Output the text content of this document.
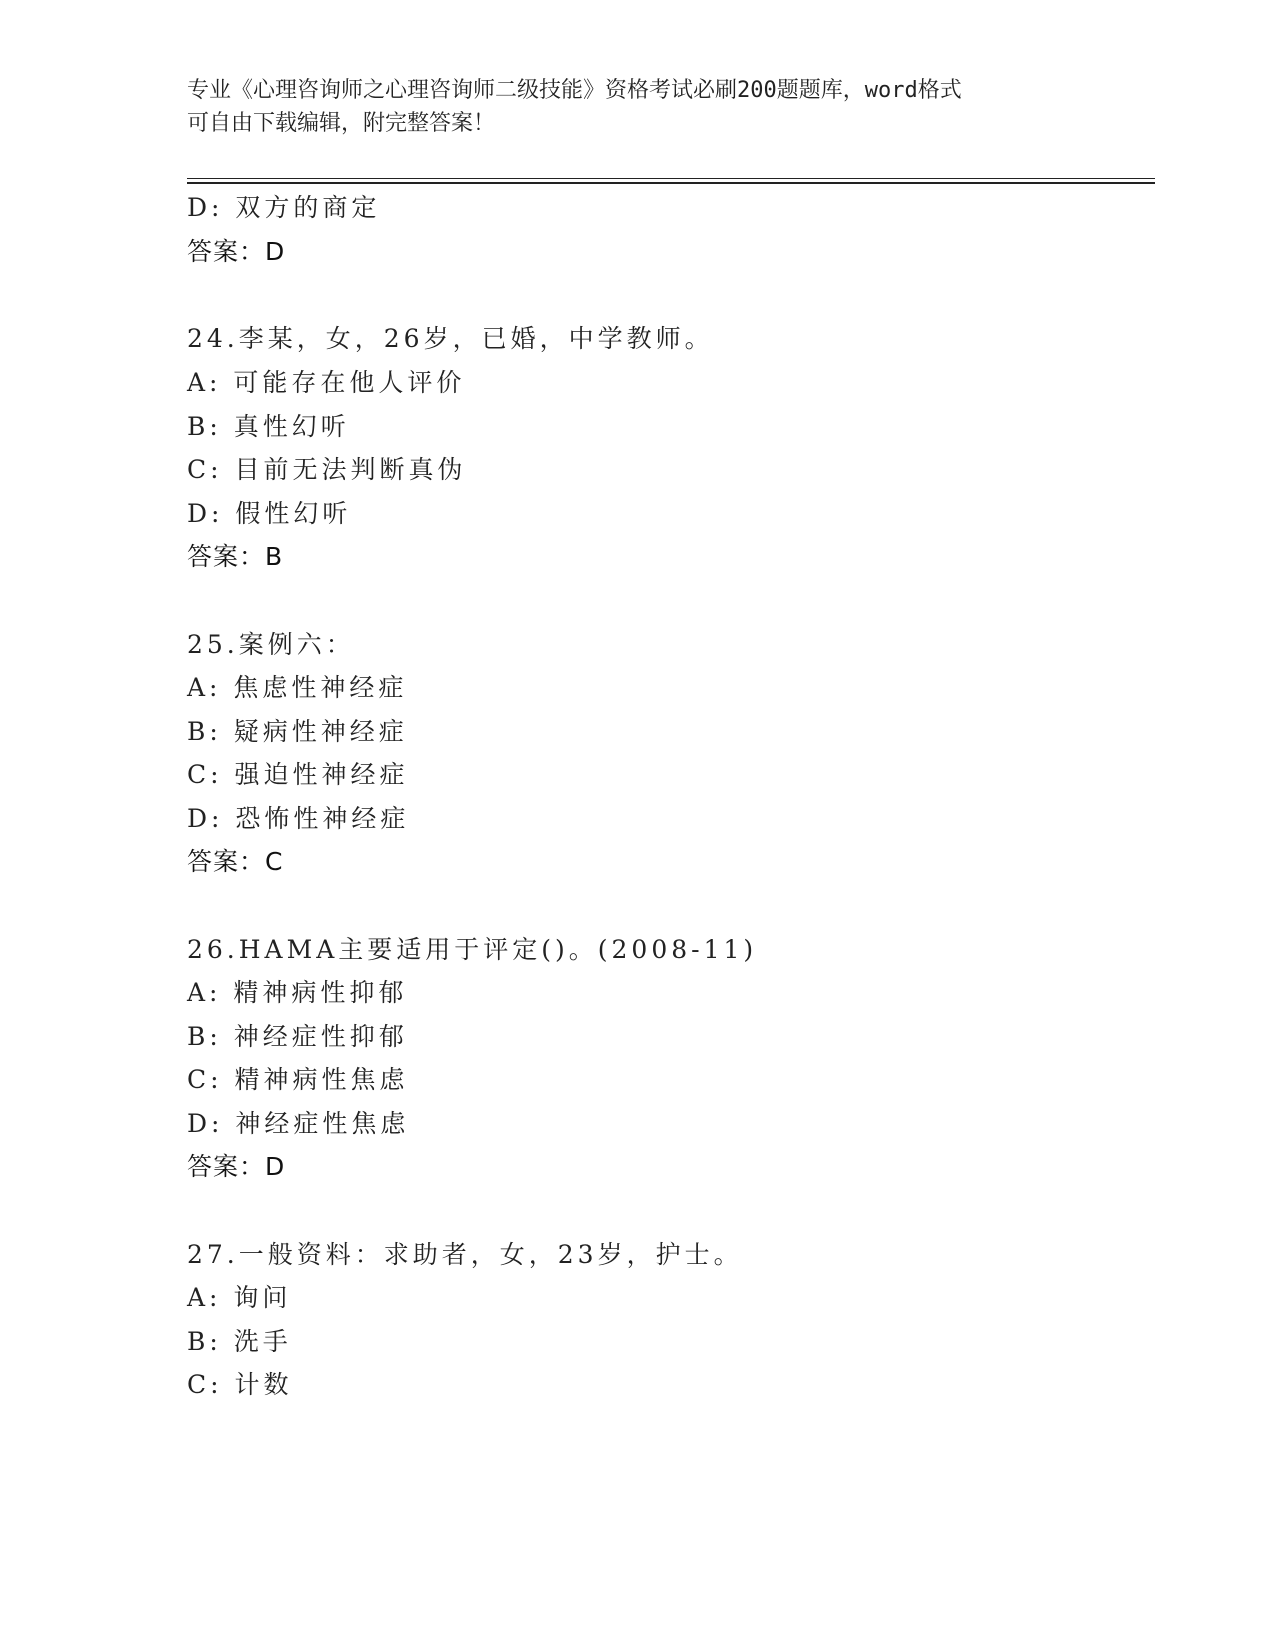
专业《心理咨询师之心理咨询师二级技能》资格考试必刷200题题库，word格式
可自由下载编辑，附完整答案！
D: 双方的商定
答案：D
24.李某，女，26岁，已婚，中学教师。
A: 可能存在他人评价
B: 真性幻听
C: 目前无法判断真伪
D: 假性幻听
答案：B
25.案例六：
A: 焦虑性神经症
B: 疑病性神经症
C: 强迫性神经症
D: 恐怖性神经症
答案：C
26.HAMA主要适用于评定()。(2008-11)
A: 精神病性抑郁
B: 神经症性抑郁
C: 精神病性焦虑
D: 神经症性焦虑
答案：D
27.一般资料：求助者，女，23岁，护士。
A: 询问
B: 洗手
C: 计数
